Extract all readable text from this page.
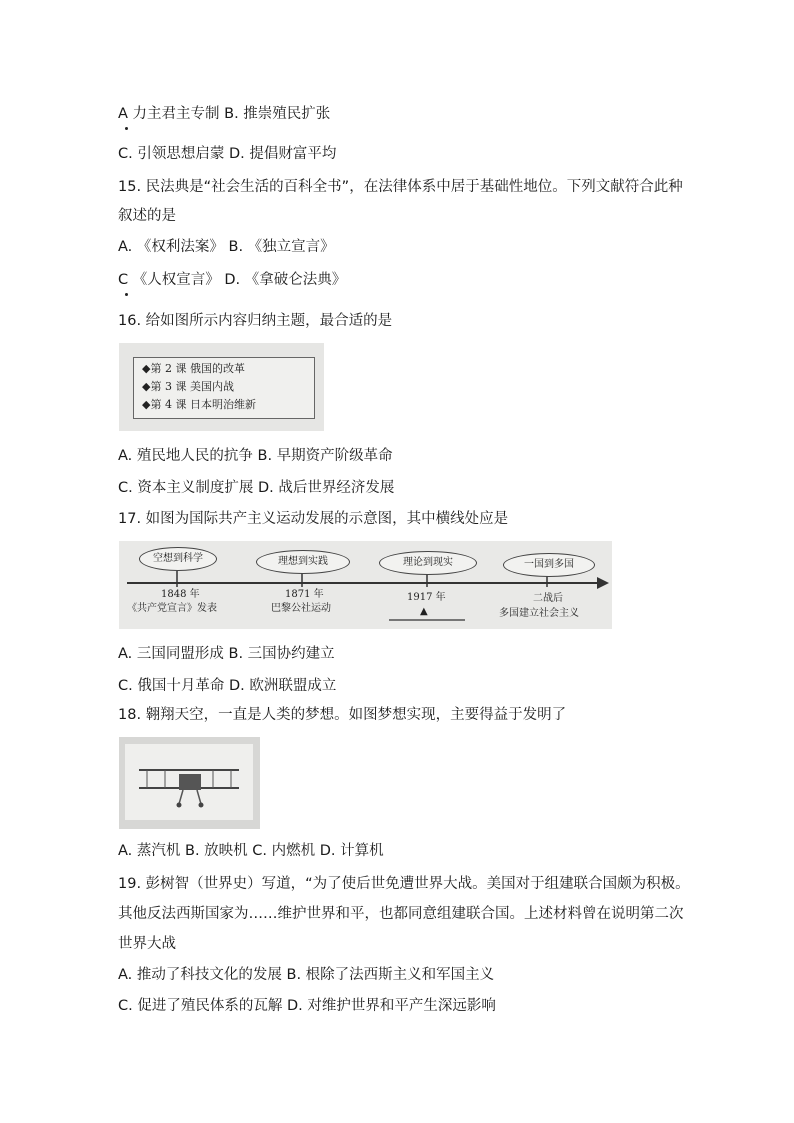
A 力主君主专制 B. 推崇殖民扩张
C. 引领思想启蒙 D. 提倡财富平均
15. 民法典是“社会生活的百科全书”，在法律体系中居于基础性地位。下列文献符合此种
叙述的是
A. 《权利法案》 B. 《独立宣言》
C 《人权宣言》 D. 《拿破仑法典》
16. 给如图所示内容归纳主题，最合适的是
◆第 2 课 俄国的改革
◆第 3 课 美国内战
◆第 4 课 日本明治维新
A. 殖民地人民的抗争 B. 早期资产阶级革命
C. 资本主义制度扩展 D. 战后世界经济发展
17. 如图为国际共产主义运动发展的示意图，其中横线处应是
空想到科学	理想到实践	理论到现实	一国到多国
1848 年
《共产党宣言》发表
1871 年
巴黎公社运动
1917 年
▲
二战后
多国建立社会主义
A. 三国同盟形成 B. 三国协约建立
C. 俄国十月革命 D. 欧洲联盟成立
18. 翱翔天空，一直是人类的梦想。如图梦想实现，主要得益于发明了
A. 蒸汽机 B. 放映机 C. 内燃机 D. 计算机
19. 彭树智（世界史）写道，“为了使后世免遭世界大战。美国对于组建联合国颇为积极。
其他反法西斯国家为……维护世界和平，也都同意组建联合国。上述材料曾在说明第二次
世界大战
A. 推动了科技文化的发展 B. 根除了法西斯主义和军国主义
C. 促进了殖民体系的瓦解 D. 对维护世界和平产生深远影响
